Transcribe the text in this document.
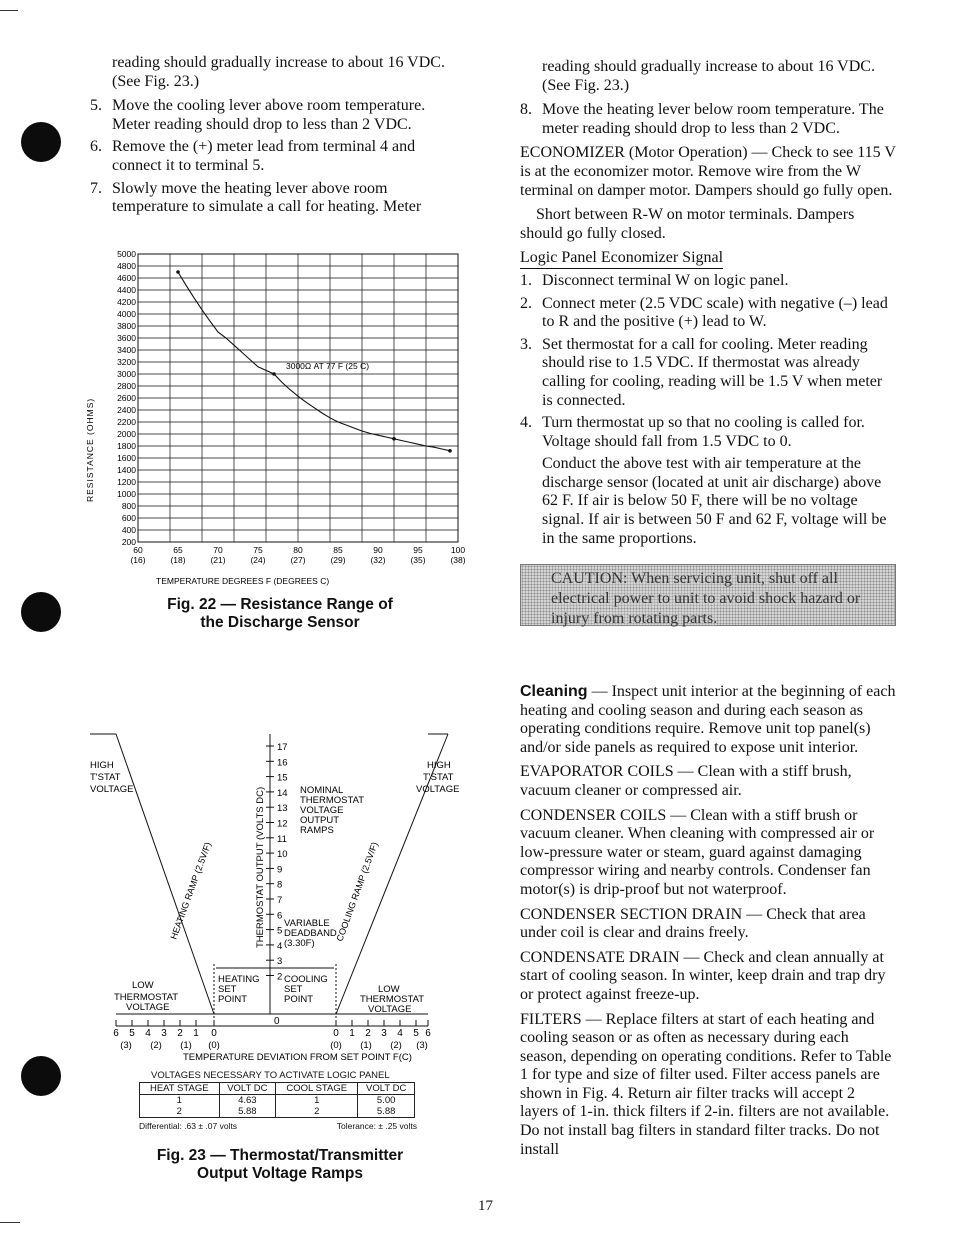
reading should gradually increase to about 16 VDC. (See Fig. 23.)

5. Move the cooling lever above room temperature. Meter reading should drop to less than 2 VDC.
6. Remove the (+) meter lead from terminal 4 and connect it to terminal 5.
7. Slowly move the heating lever above room temperature to simulate a call for heating. Meter
5000
4800
4600
4400
4200
4000
3800
3600
3400
3200
3000
2800
2600
2400
2200
2000
1800
1600
1400
1200
1000
800
600
400
200
60
(16)
65
(18)
70
(21)
75
(24)
80
(27)
85
(29)
90
(32)
95
(35)
100
(38)
RESISTANCE (OHMS)
TEMPERATURE DEGREES F (DEGREES C)
3000Ω AT 77 F (25 C)
Fig. 22 — Resistance Range of
the Discharge Sensor
17
16
15
14
13
12
11
10
9
8
7
6
5
4
3
2
6 5 4 3 2 1 0	0 1 2 3 4 5 6
(3) (2) (1) (0)	(0) (1) (2) (3)
HIGH
T'STAT
VOLTAGE
HIGH
T'STAT
VOLTAGE
LOW
THERMOSTAT
VOLTAGE
LOW
THERMOSTAT
VOLTAGE
HEATING RAMP (2.5V/F)	COOLING RAMP (2.5V/F)
NOMINAL
THERMOSTAT
VOLTAGE
OUTPUT
RAMPS
THERMOSTAT OUTPUT (VOLTS DC) VARIABLE
DEADBAND
(3.30F)
HEATING
SET
POINT
COOLING
SET
POINT
0
TEMPERATURE DEVIATION FROM SET POINT F(C)
VOLTAGES NECESSARY TO ACTIVATE LOGIC PANEL
HEAT STAGE	VOLT DC	COOL STAGE	VOLT DC
1	4.63	1	5.00
2	5.88	2	5.88
Differential: .63 ± .07 volts	Tolerance: ± .25 volts
Fig. 23 — Thermostat/Transmitter
Output Voltage Ramps

reading should gradually increase to about 16 VDC. (See Fig. 23.)

8. Move the heating lever below room temperature. The meter reading should drop to less than 2 VDC.

ECONOMIZER (Motor Operation) — Check to see 115 V is at the economizer motor. Remove wire from the W terminal on damper motor. Dampers should go fully open.

Short between R-W on motor terminals. Dampers should go fully closed.

Logic Panel Economizer Signal

1. Disconnect terminal W on logic panel.
2. Connect meter (2.5 VDC scale) with negative (–) lead to R and the positive (+) lead to W.
3. Set thermostat for a call for cooling. Meter reading should rise to 1.5 VDC. If thermostat was already calling for cooling, reading will be 1.5 V when meter is connected.
4. Turn thermostat up so that no cooling is called for. Voltage should fall from 1.5 VDC to 0.

Conduct the above test with air temperature at the discharge sensor (located at unit air discharge) above 62 F. If air is below 50 F, there will be no voltage signal. If air is between 50 F and 62 F, voltage will be in the same proportions.

CAUTION: When servicing unit, shut off all electrical power to unit to avoid shock hazard or injury from rotating parts.

Cleaning — Inspect unit interior at the beginning of each heating and cooling season and during each season as operating conditions require. Remove unit top panel(s) and/or side panels as required to expose unit interior.

EVAPORATOR COILS — Clean with a stiff brush, vacuum cleaner or compressed air.

CONDENSER COILS — Clean with a stiff brush or vacuum cleaner. When cleaning with compressed air or low-pressure water or steam, guard against damaging compressor wiring and nearby controls. Condenser fan motor(s) is drip-proof but not waterproof.

CONDENSER SECTION DRAIN — Check that area under coil is clear and drains freely.

CONDENSATE DRAIN — Check and clean annually at start of cooling season. In winter, keep drain and trap dry or protect against freeze-up.

FILTERS — Replace filters at start of each heating and cooling season or as often as necessary during each season, depending on operating conditions. Refer to Table 1 for type and size of filter used. Filter access panels are shown in Fig. 4. Return air filter tracks will accept 2 layers of 1-in. thick filters if 2-in. filters are not available. Do not install bag filters in standard filter tracks. Do not install

17
